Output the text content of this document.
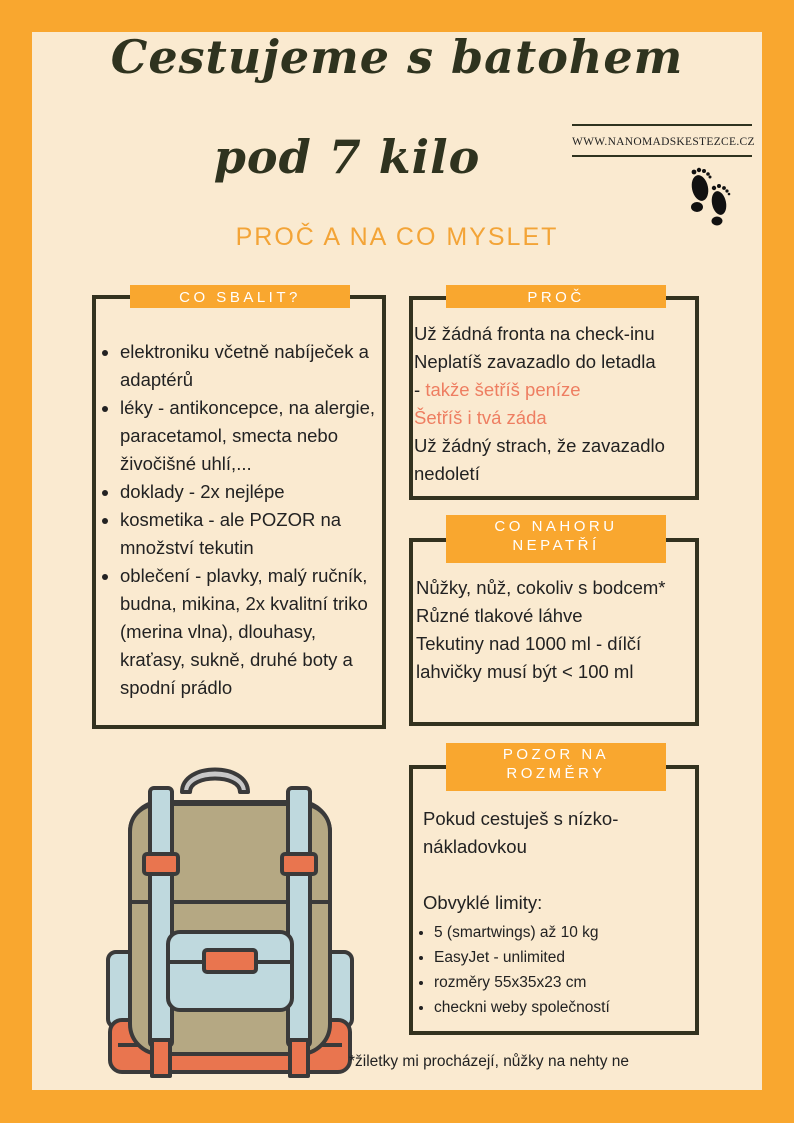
Cestujeme s batohem
pod 7 kilo	WWW.NANOMADSKESTEZCE.CZ
PROČ A NA CO MYSLET
CO SBALIT?
• elektroniku včetně nabíječek a adaptérů
• léky - antikoncepce, na alergie, paracetamol, smecta nebo živočišné uhlí,...
• doklady - 2x nejlépe
• kosmetika - ale POZOR na množství tekutin
• oblečení - plavky, malý ručník, budna, mikina, 2x kvalitní triko (merina vlna), dlouhasy, kraťasy, sukně, druhé boty a spodní prádlo
PROČ
Už žádná fronta na check-inu
Neplatíš zavazadlo do letadla
- takže šetříš peníze
Šetříš i tvá záda
Už žádný strach, že zavazadlo nedoletí
CO NAHORU
NEPATŘÍ
Nůžky, nůž, cokoliv s bodcem*
Různé tlakové láhve
Tekutiny nad 1000 ml - dílčí lahvičky musí být < 100 ml
POZOR NA
ROZMĚRY
Pokud cestuješ s nízko-nákladovkou
Obvyklé limity:
• 5 (smartwings) až 10 kg
• EasyJet - unlimited
• rozměry 55x35x23 cm
• checkni weby společností
*žiletky mi procházejí, nůžky na nehty ne
